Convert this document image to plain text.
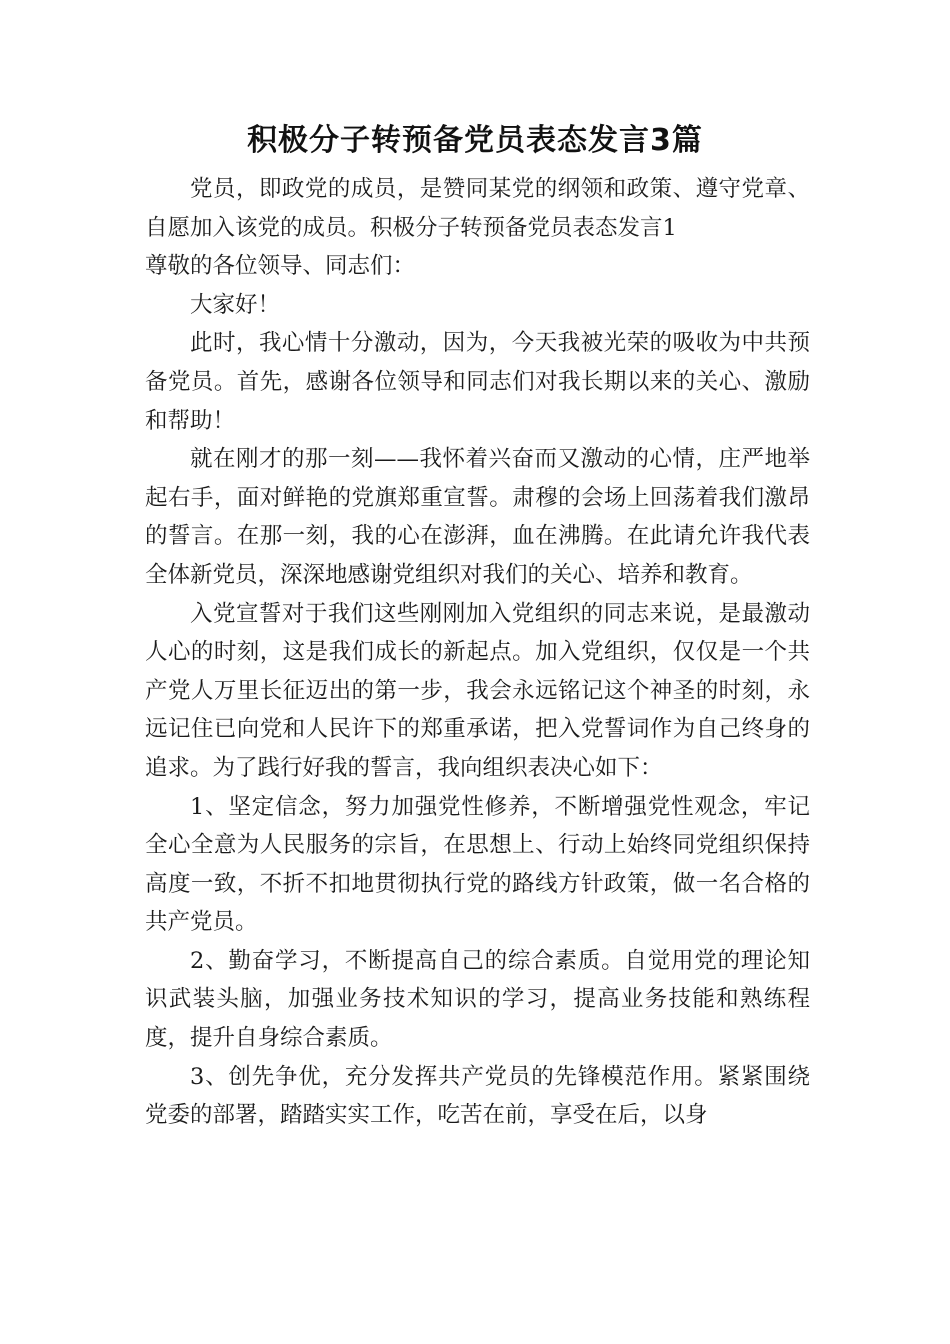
积极分子转预备党员表态发言3篇

党员，即政党的成员，是赞同某党的纲领和政策、遵守党章、自愿加入该党的成员。积极分子转预备党员表态发言1

尊敬的各位领导、同志们：

大家好！

此时，我心情十分激动，因为，今天我被光荣的吸收为中共预备党员。首先，感谢各位领导和同志们对我长期以来的关心、激励和帮助！

就在刚才的那一刻——我怀着兴奋而又激动的心情，庄严地举起右手，面对鲜艳的党旗郑重宣誓。肃穆的会场上回荡着我们激昂的誓言。在那一刻，我的心在澎湃，血在沸腾。在此请允许我代表全体新党员，深深地感谢党组织对我们的关心、培养和教育。

入党宣誓对于我们这些刚刚加入党组织的同志来说，是最激动人心的时刻，这是我们成长的新起点。加入党组织，仅仅是一个共产党人万里长征迈出的第一步，我会永远铭记这个神圣的时刻，永远记住已向党和人民许下的郑重承诺，把入党誓词作为自己终身的追求。为了践行好我的誓言，我向组织表决心如下：

1、坚定信念，努力加强党性修养，不断增强党性观念，牢记全心全意为人民服务的宗旨，在思想上、行动上始终同党组织保持高度一致，不折不扣地贯彻执行党的路线方针政策，做一名合格的共产党员。

2、勤奋学习，不断提高自己的综合素质。自觉用党的理论知识武装头脑，加强业务技术知识的学习，提高业务技能和熟练程度，提升自身综合素质。

3、创先争优，充分发挥共产党员的先锋模范作用。紧紧围绕党委的部署，踏踏实实工作，吃苦在前，享受在后，以身
